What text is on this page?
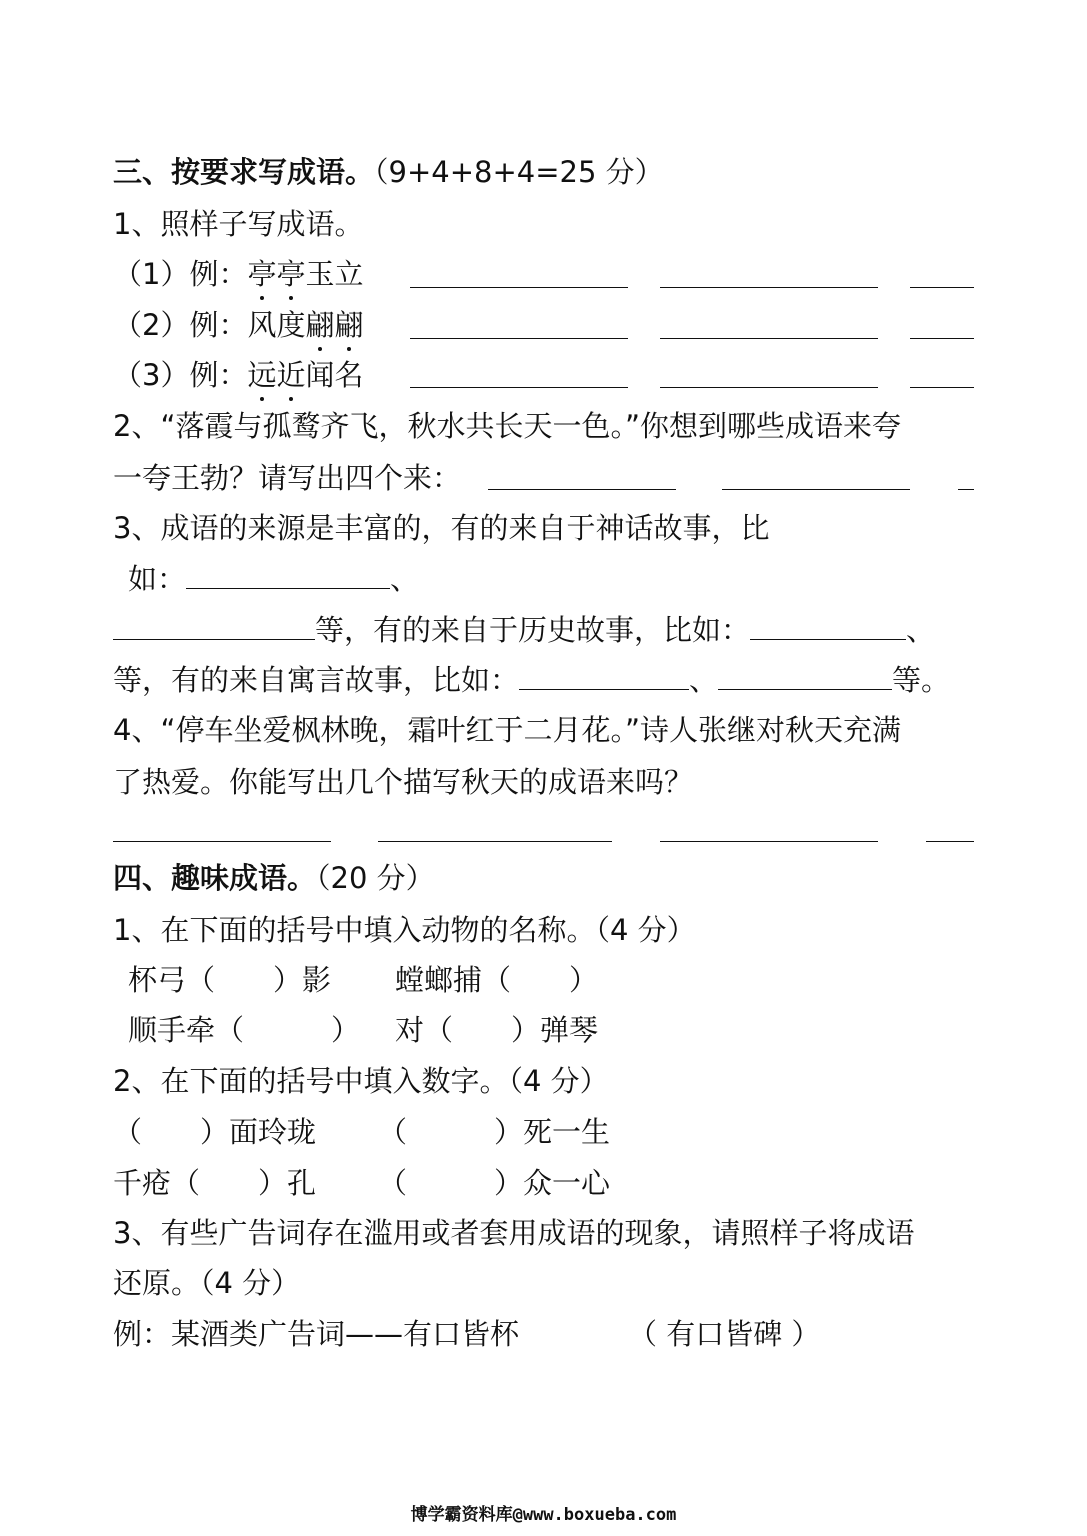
三、按要求写成语。（9+4+8+4=25 分）
1、照样子写成语。
（1）例：亭亭玉立
（2）例：风度翩翩
（3）例：远近闻名
2、“落霞与孤鹜齐飞，秋水共长天一色。”你想到哪些成语来夸
一夸王勃？请写出四个来：
3、成语的来源是丰富的，有的来自于神话故事，比
如：	、
等，有的来自于历史故事，比如：	、
等，有的来自寓言故事，比如：	、	等。
4、“停车坐爱枫林晚，霜叶红于二月花。”诗人张继对秋天充满
了热爱。你能写出几个描写秋天的成语来吗？
四、趣味成语。（20 分）
1、在下面的括号中填入动物的名称。（4 分）
杯弓（　　）影 螳螂捕（　　）
顺手牵（　　　） 对（　　）弹琴
2、在下面的括号中填入数字。（4 分）
（　　）面玲珑 （　　　）死一生
千疮（　　）孔 （　　　）众一心
3、有些广告词存在滥用或者套用成语的现象，请照样子将成语
还原。（4 分）
例：某酒类广告词——有口皆杯	（ 有口皆碑 ）
博学霸资料库@www.boxueba.com
